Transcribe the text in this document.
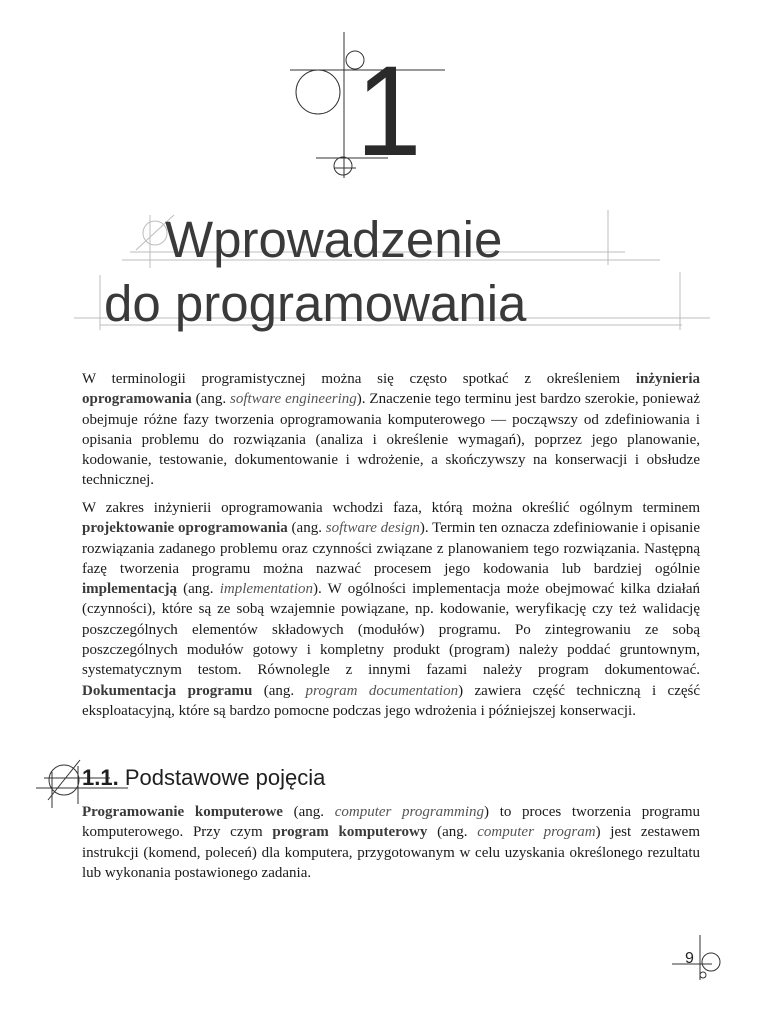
1
Wprowadzenie
do programowania

W terminologii programistycznej można się często spotkać z określeniem inżynieria oprogramowania (ang. software engineering). Znaczenie tego terminu jest bardzo szerokie, ponieważ obejmuje różne fazy tworzenia oprogramowania komputerowego — począwszy od zdefiniowania i opisania problemu do rozwiązania (analiza i określenie wymagań), poprzez jego planowanie, kodowanie, testowanie, dokumentowanie i wdrożenie, a skończywszy na konserwacji i obsłudze technicznej.

W zakres inżynierii oprogramowania wchodzi faza, którą można określić ogólnym terminem projektowanie oprogramowania (ang. software design). Termin ten oznacza zdefiniowanie i opisanie rozwiązania zadanego problemu oraz czynności związane z planowaniem tego rozwiązania. Następną fazę tworzenia programu można nazwać procesem jego kodowania lub bardziej ogólnie implementacją (ang. implementation). W ogólności implementacja może obejmować kilka działań (czynności), które są ze sobą wzajemnie powiązane, np. kodowanie, weryfikację czy też walidację poszczególnych elementów składowych (modułów) programu. Po zintegrowaniu ze sobą poszczególnych modułów gotowy i kompletny produkt (program) należy poddać gruntownym, systematycznym testom. Równolegle z innymi fazami należy program dokumentować. Dokumentacja programu (ang. program documentation) zawiera część techniczną i część eksploatacyjną, które są bardzo pomocne podczas jego wdrożenia i późniejszej konserwacji.

1.1. Podstawowe pojęcia

Programowanie komputerowe (ang. computer programming) to proces tworzenia programu komputerowego. Przy czym program komputerowy (ang. computer program) jest zestawem instrukcji (komend, poleceń) dla komputera, przygotowanym w celu uzyskania określonego rezultatu lub wykonania postawionego zadania.

9
